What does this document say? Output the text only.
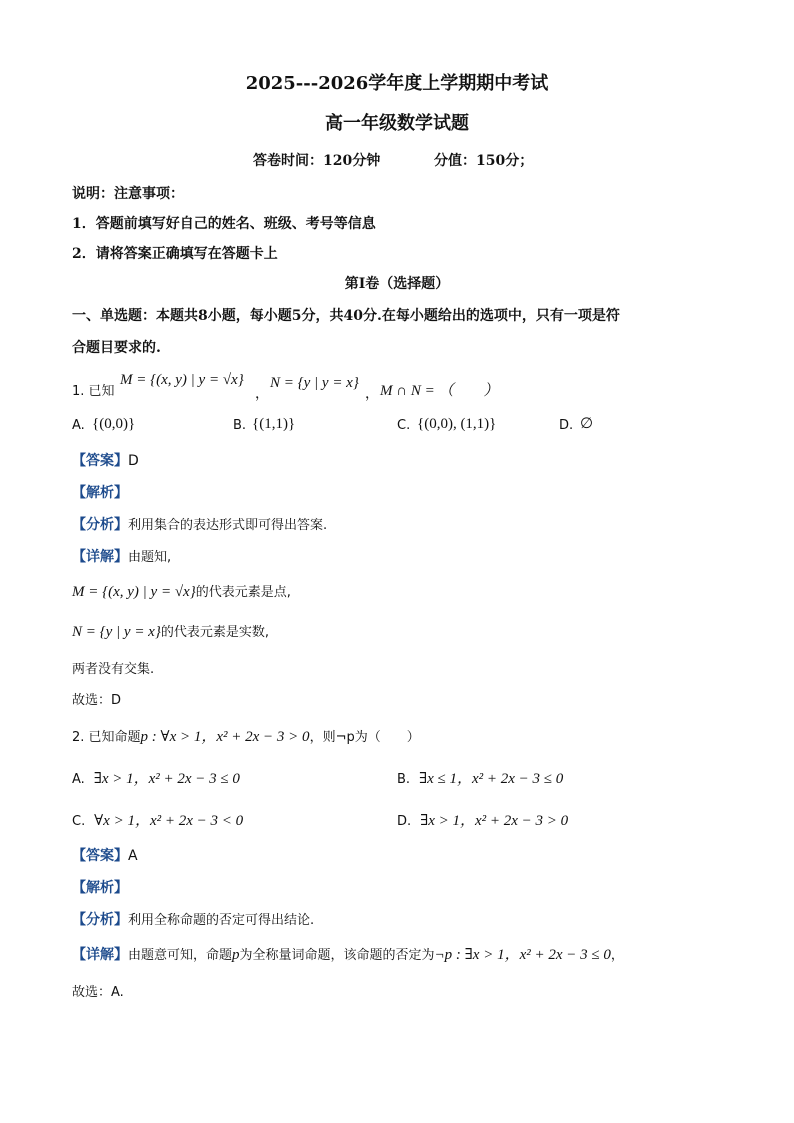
2025---2026学年度上学期期中考试
高一年级数学试题
答卷时间：120分钟	分值：150分；
说明：注意事项：
1．答题前填写好自己的姓名、班级、考号等信息
2．请将答案正确填写在答题卡上
第I卷（选择题）
一、单选题：本题共8小题，每小题5分，共40分.在每小题给出的选项中，只有一项是符
合题目要求的.
1. 已知
M = {(x, y) | y = √x}
，
N = {y | y = x}
， M ∩ N = （　　）
A. {(0,0)}	B. {(1,1)}	C. {(0,0), (1,1)}	D. ∅
【答案】D
【解析】
【分析】利用集合的表达形式即可得出答案.
【详解】由题知,
M = {(x, y) | y = √x}的代表元素是点,
N = {y | y = x}的代表元素是实数,
两者没有交集.
故选：D
2. 已知命题p : ∀x > 1，x² + 2x − 3 > 0，则¬p为（　　）
A. ∃x > 1，x² + 2x − 3 ≤ 0	B. ∃x ≤ 1，x² + 2x − 3 ≤ 0
C. ∀x > 1，x² + 2x − 3 < 0	D. ∃x > 1，x² + 2x − 3 > 0
【答案】A
【解析】
【分析】利用全称命题的否定可得出结论.
【详解】由题意可知，命题p为全称量词命题，该命题的否定为¬p : ∃x > 1，x² + 2x − 3 ≤ 0，
故选：A.
